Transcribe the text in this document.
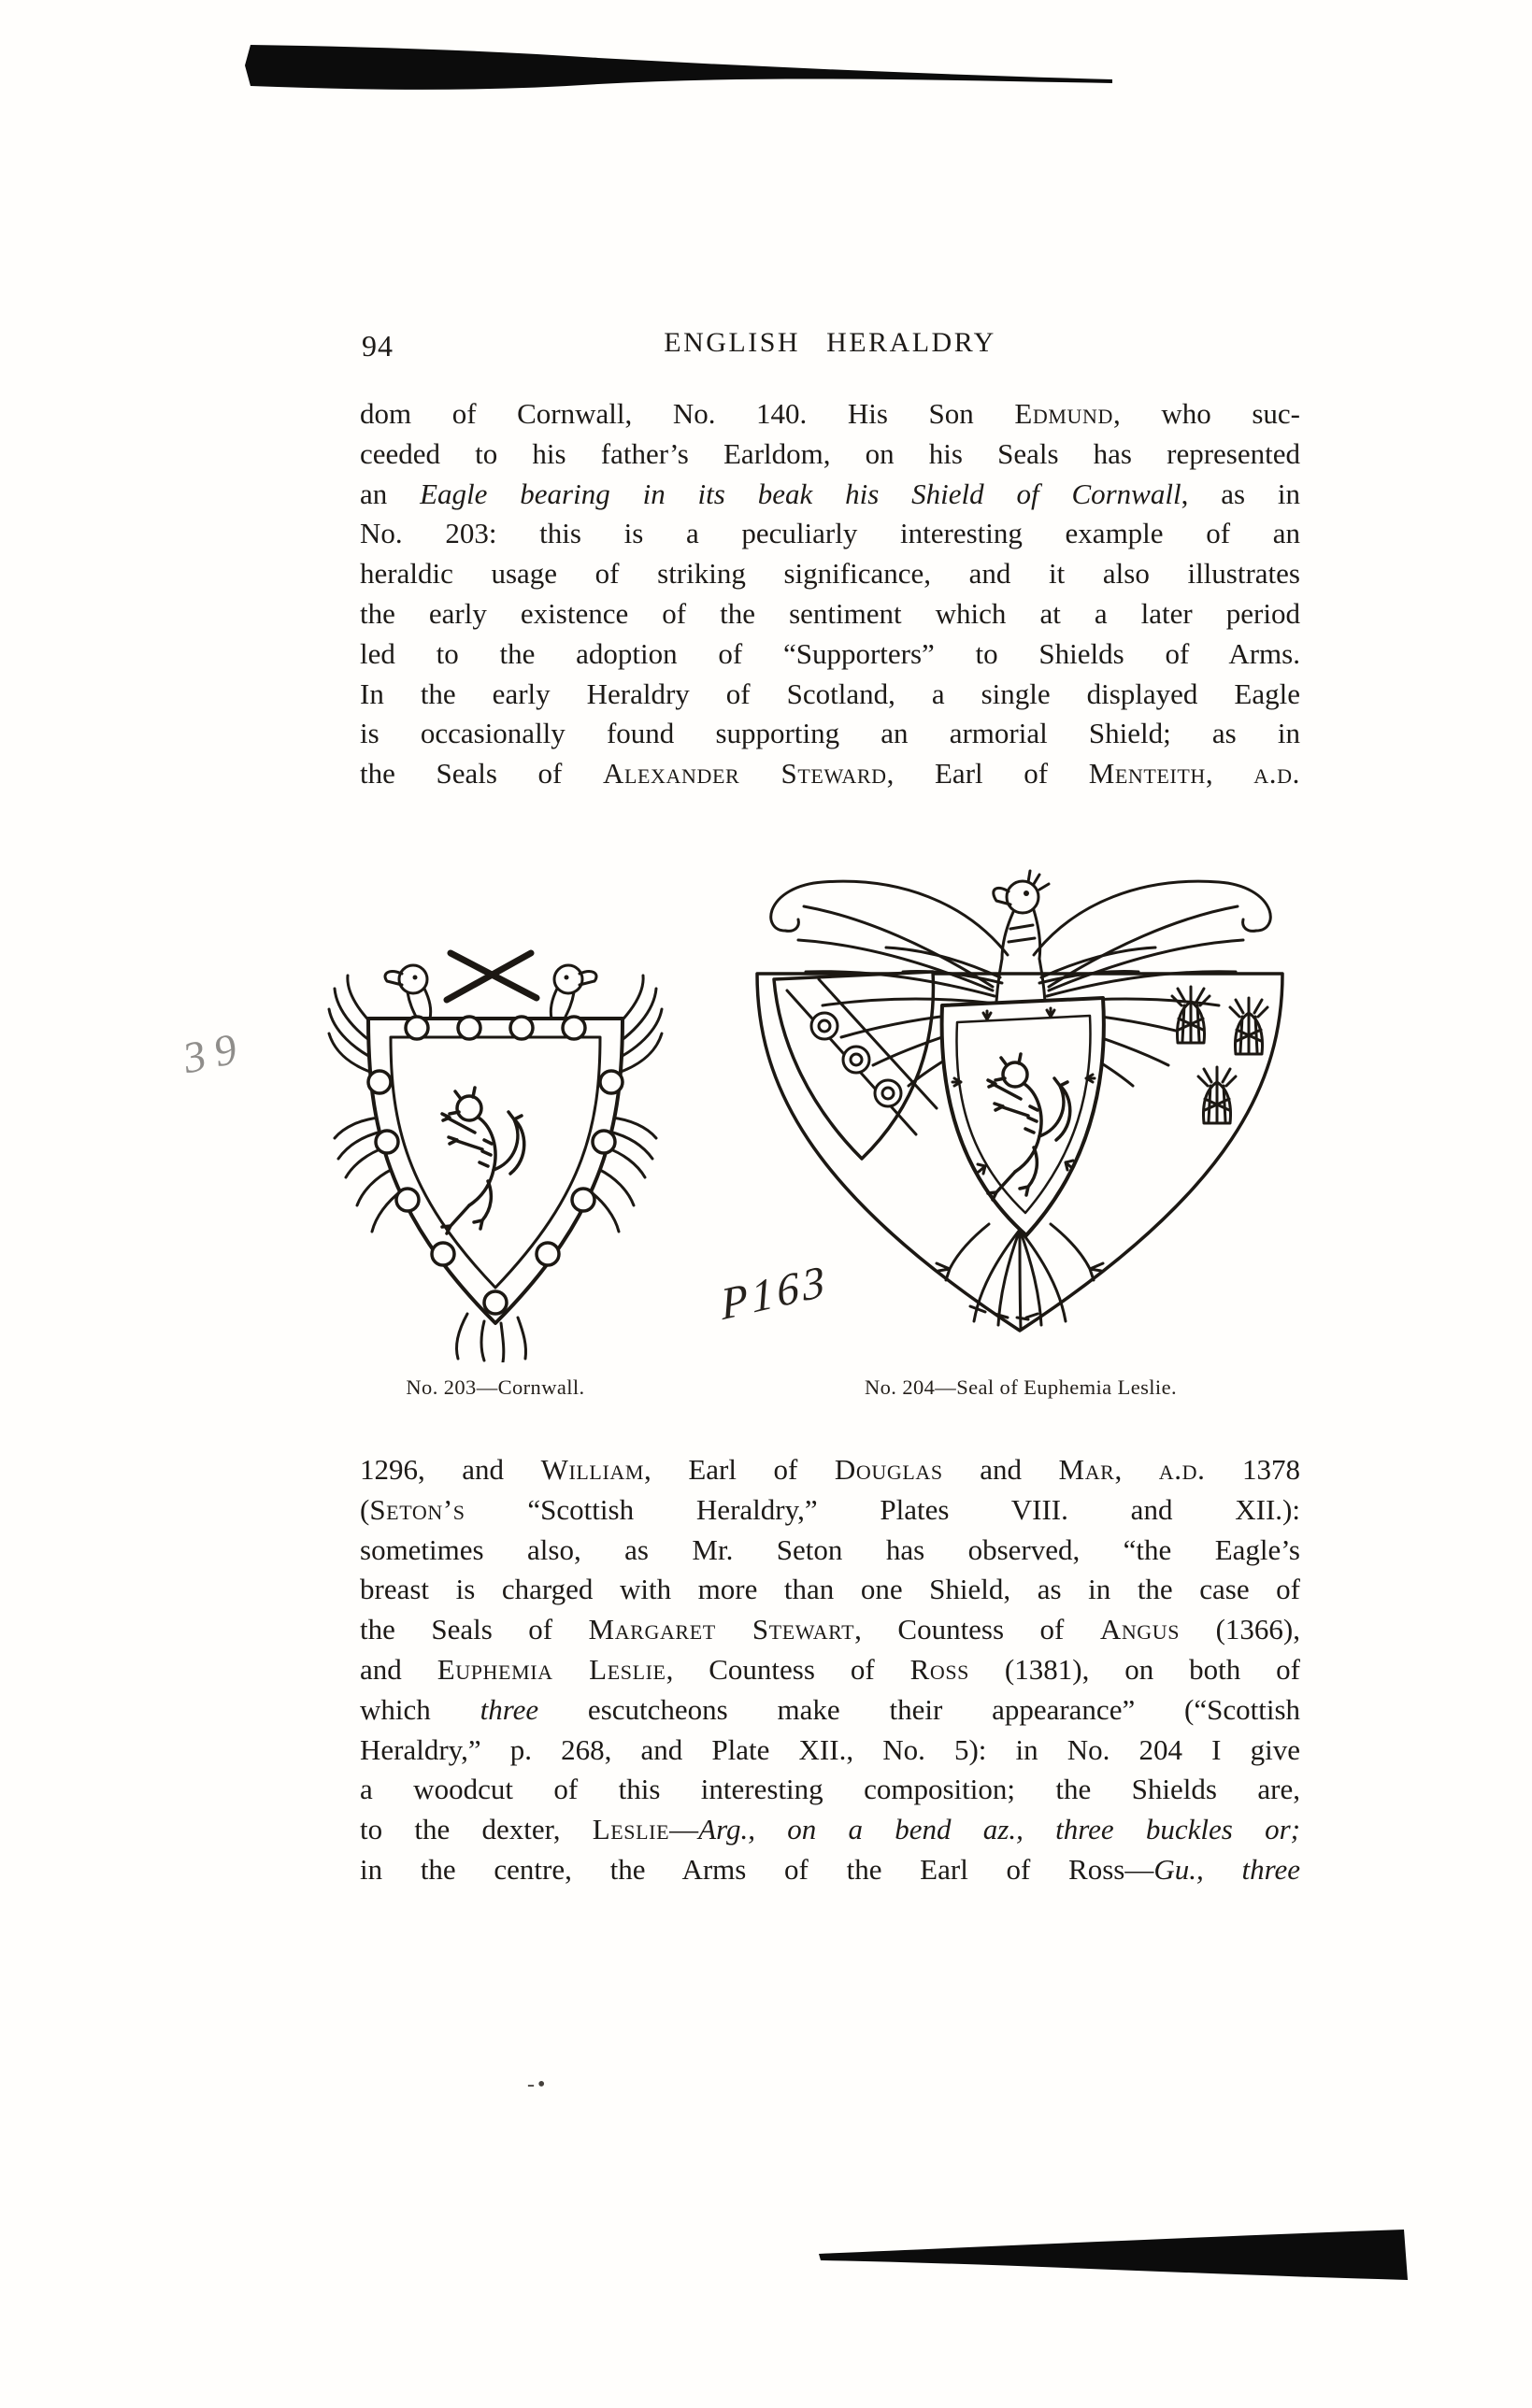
94	ENGLISH HERALDRY
dom of Cornwall, No. 140. His Son Edmund, who suc-
ceeded to his father’s Earldom, on his Seals has represented
an Eagle bearing in its beak his Shield of Cornwall, as in
No. 203: this is a peculiarly interesting example of an
heraldic usage of striking significance, and it also illustrates
the early existence of the sentiment which at a later period
led to the adoption of “Supporters” to Shields of Arms.
In the early Heraldry of Scotland, a single displayed Eagle
is occasionally found supporting an armorial Shield; as in
the Seals of Alexander Steward, Earl of Menteith, a.d.
39
P163
No. 203—Cornwall.	No. 204—Seal of Euphemia Leslie.
1296, and William, Earl of Douglas and Mar, a.d. 1378
(Seton’s “Scottish Heraldry,” Plates VIII. and XII.):
sometimes also, as Mr. Seton has observed, “the Eagle’s
breast is charged with more than one Shield, as in the case of
the Seals of Margaret Stewart, Countess of Angus (1366),
and Euphemia Leslie, Countess of Ross (1381), on both of
which three escutcheons make their appearance” (“Scottish
Heraldry,” p. 268, and Plate XII., No. 5): in No. 204 I give
a woodcut of this interesting composition; the Shields are,
to the dexter, Leslie—Arg., on a bend az., three buckles or;
in the centre, the Arms of the Earl of Ross—Gu., three
-•
